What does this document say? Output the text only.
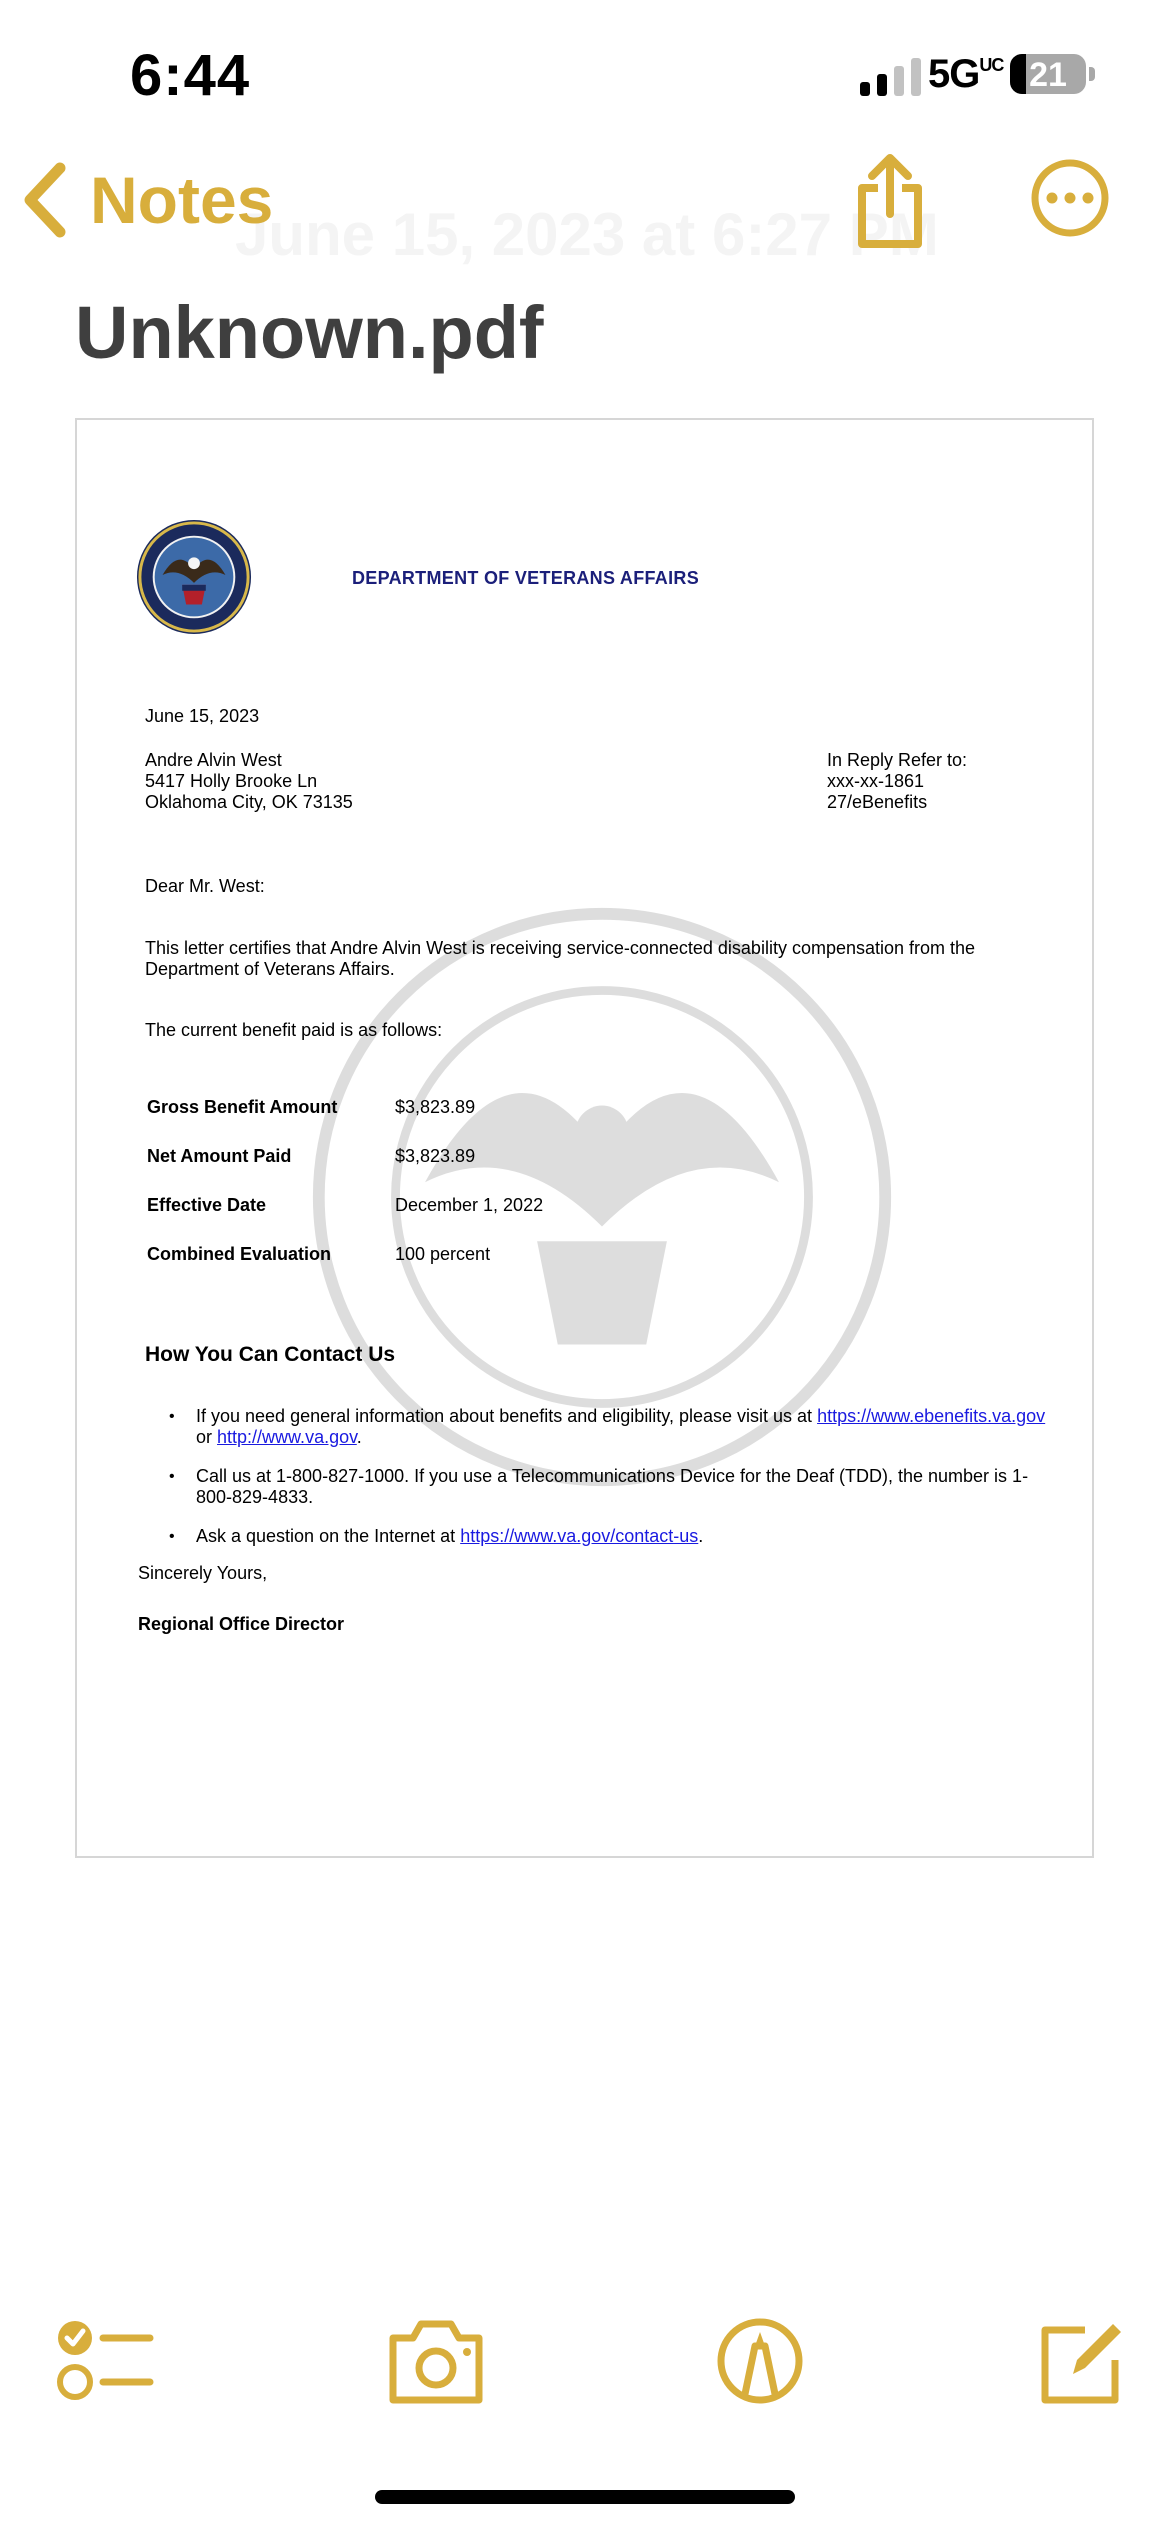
6:44	$5G^{UC}$ 21
June 15, 2023 at 6:27 PM
Notes
Unknown.pdf
DEPARTMENT OF VETERANS AFFAIRS
June 15, 2023
Andre Alvin West
5417 Holly Brooke Ln
Oklahoma City, OK 73135
In Reply Refer to:
xxx-xx-1861
27/eBenefits
Dear Mr. West:
This letter certifies that Andre Alvin West is receiving service-connected disability compensation from the
Department of Veterans Affairs.
The current benefit paid is as follows:
Gross Benefit Amount	$3,823.89
Net Amount Paid	$3,823.89
Effective Date	December 1, 2022
Combined Evaluation	100 percent
How You Can Contact Us
• If you need general information about benefits and eligibility, please visit us at https://www.ebenefits.va.gov
or http://www.va.gov.
• Call us at 1-800-827-1000. If you use a Telecommunications Device for the Deaf (TDD), the number is 1-
800-829-4833.
• Ask a question on the Internet at https://www.va.gov/contact-us.
Sincerely Yours,
Regional Office Director
